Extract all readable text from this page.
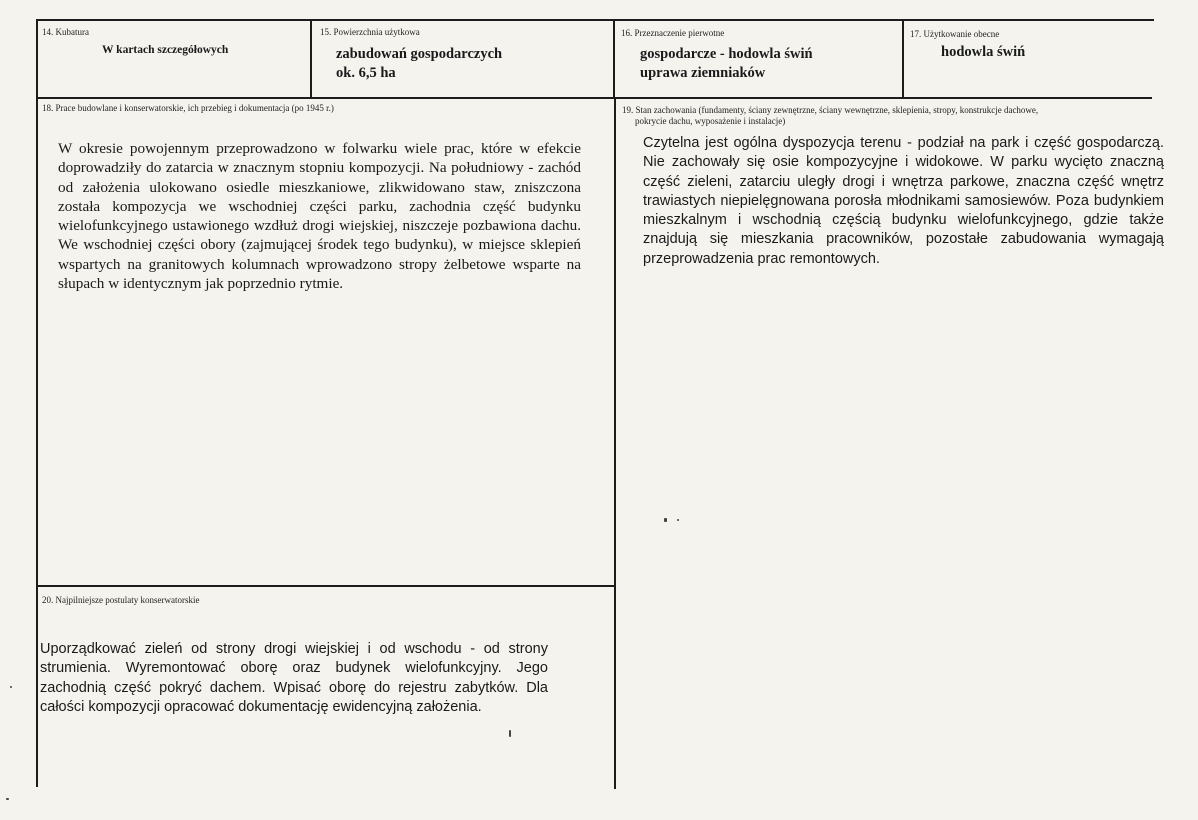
14. Kubatura
W kartach szczegółowych
15. Powierzchnia użytkowa
zabudowań gospodarczych
ok. 6,5 ha
16. Przeznaczenie pierwotne
gospodarcze - hodowla świń
uprawa ziemniaków
17. Użytkowanie obecne
hodowla świń
18. Prace budowlane i konserwatorskie, ich przebieg i dokumentacja (po 1945 r.)
W okresie powojennym przeprowadzono w folwarku wiele prac, które w efekcie doprowadziły do zatarcia w znacznym stopniu kompozycji. Na południowy - zachód od założenia ulokowano osiedle mieszkaniowe, zlikwidowano staw, zniszczona została kompozycja we wschodniej części parku, zachodnia część budynku wielofunkcyjnego ustawionego wzdłuż drogi wiejskiej, niszczeje pozbawiona dachu. We wschodniej części obory (zajmującej środek tego budynku), w miejsce sklepień wspartych na granitowych kolumnach wprowadzono stropy żelbetowe wsparte na słupach w identycznym jak poprzednio rytmie.
19. Stan zachowania (fundamenty, ściany zewnętrzne, ściany wewnętrzne, sklepienia, stropy, konstrukcje dachowe,
pokrycie dachu, wyposażenie i instalacje)
Czytelna jest ogólna dyspozycja terenu - podział na park i część gospodarczą. Nie zachowały się osie kompozycyjne i widokowe. W parku wycięto znaczną część zieleni, zatarciu uległy drogi i wnętrza parkowe, znaczna część wnętrz trawiastych niepielęgnowana porosła młodnikami samosiewów. Poza budynkiem mieszkalnym i wschodnią częścią budynku wielofunkcyjnego, gdzie także znajdują się mieszkania pracowników, pozostałe zabudowania wymagają przeprowadzenia prac remontowych.
20. Najpilniejsze postulaty konserwatorskie
Uporządkować zieleń od strony drogi wiejskiej i od wschodu - od strony strumienia. Wyremontować oborę oraz budynek wielofunkcyjny. Jego zachodnią część pokryć dachem. Wpisać oborę do rejestru zabytków. Dla całości kompozycji opracować dokumentację ewidencyjną założenia.
